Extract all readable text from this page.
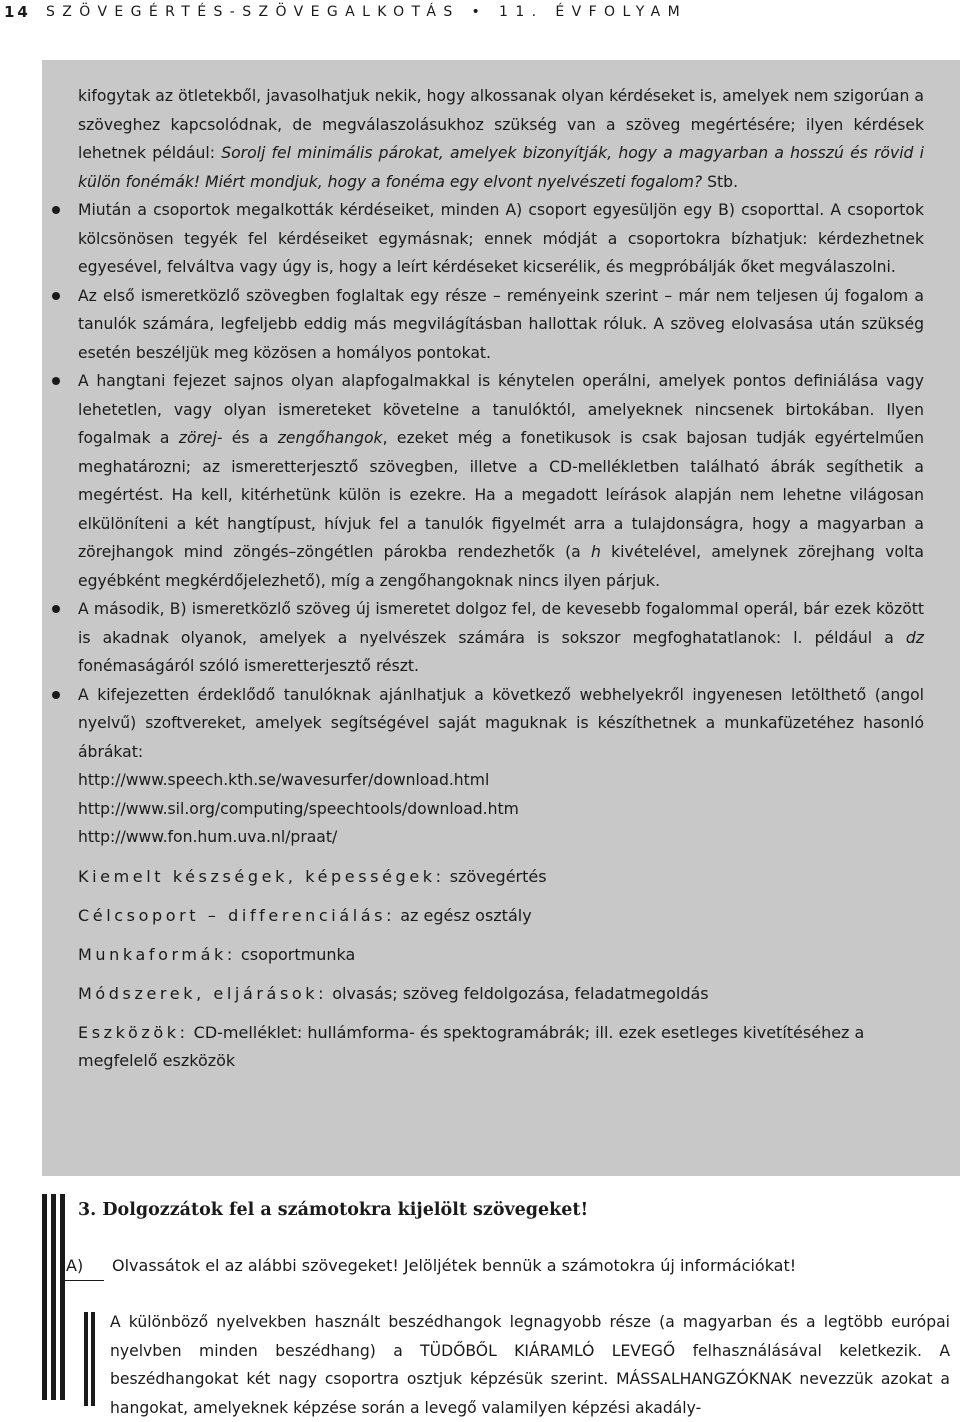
14 SZÖVEGÉRTÉS-SZÖVEGALKOTÁS • 11. ÉVFOLYAM

kifogytak az ötletekből, javasolhatjuk nekik, hogy alkossanak olyan kérdéseket is, amelyek nem szigorúan a szöveghez kapcsolódnak, de megválaszolásukhoz szükség van a szöveg megértésére; ilyen kérdések lehetnek például: Sorolj fel minimális párokat, amelyek bizonyítják, hogy a magyarban a hosszú és rövid i külön fonémák! Miért mondjuk, hogy a fonéma egy elvont nyelvészeti fogalom? Stb.

Miután a csoportok megalkották kérdéseiket, minden A) csoport egyesüljön egy B) csoporttal. A csoportok kölcsönösen tegyék fel kérdéseiket egymásnak; ennek módját a csoportokra bízhatjuk: kérdezhetnek egyesével, felváltva vagy úgy is, hogy a leírt kérdéseket kicserélik, és megpróbálják őket megválaszolni.
Az első ismeretközlő szövegben foglaltak egy része – reményeink szerint – már nem teljesen új fogalom a tanulók számára, legfeljebb eddig más megvilágításban hallottak róluk. A szöveg elolvasása után szükség esetén beszéljük meg közösen a homályos pontokat.
A hangtani fejezet sajnos olyan alapfogalmakkal is kénytelen operálni, amelyek pontos definiálása vagy lehetetlen, vagy olyan ismereteket követelne a tanulóktól, amelyeknek nincsenek birtokában. Ilyen fogalmak a zörej- és a zengőhangok, ezeket még a fonetikusok is csak bajosan tudják egyértelműen meghatározni; az ismeretterjesztő szövegben, illetve a CD-mellékletben található ábrák segíthetik a megértést. Ha kell, kitérhetünk külön is ezekre. Ha a megadott leírások alapján nem lehetne világosan elkülöníteni a két hangtípust, hívjuk fel a tanulók figyelmét arra a tulajdonságra, hogy a magyarban a zörejhangok mind zöngés–zöngétlen párokba rendezhetők (a h kivételével, amelynek zörejhang volta egyébként megkérdőjelezhető), míg a zengőhangoknak nincs ilyen párjuk.
A második, B) ismeretközlő szöveg új ismeretet dolgoz fel, de kevesebb fogalommal operál, bár ezek között is akadnak olyanok, amelyek a nyelvészek számára is sokszor megfoghatatlanok: l. például a dz fonémaságáról szóló ismeretterjesztő részt.
A kifejezetten érdeklődő tanulóknak ajánlhatjuk a következő webhelyekről ingyenesen letölthető (angol nyelvű) szoftvereket, amelyek segítségével saját maguknak is készíthetnek a munkafüzetéhez hasonló ábrákat:

http://www.speech.kth.se/wavesurfer/download.html

http://www.sil.org/computing/speechtools/download.htm

http://www.fon.hum.uva.nl/praat/

Kiemelt készségek, képességek: szövegértés

Célcsoport – differenciálás: az egész osztály

Munkaformák: csoportmunka

Módszerek, eljárások: olvasás; szöveg feldolgozása, feladatmegoldás

Eszközök: CD-melléklet: hullámforma- és spektogramábrák; ill. ezek esetleges kivetítéséhez a megfelelő eszközök

3. Dolgozzátok fel a számotokra kijelölt szövegeket!
A) Olvassátok el az alábbi szövegeket! Jelöljétek bennük a számotokra új információkat!

A különböző nyelvekben használt beszédhangok legnagyobb része (a magyarban és a legtöbb európai nyelvben minden beszédhang) a TÜDŐBŐL KIÁRAMLÓ LEVEGŐ felhasználásával keletkezik. A beszédhangokat két nagy csoportra osztjuk képzésük szerint. MÁSSALHANGZÓKNAK nevezzük azokat a hangokat, amelyeknek képzése során a levegő valamilyen képzési akadály-
